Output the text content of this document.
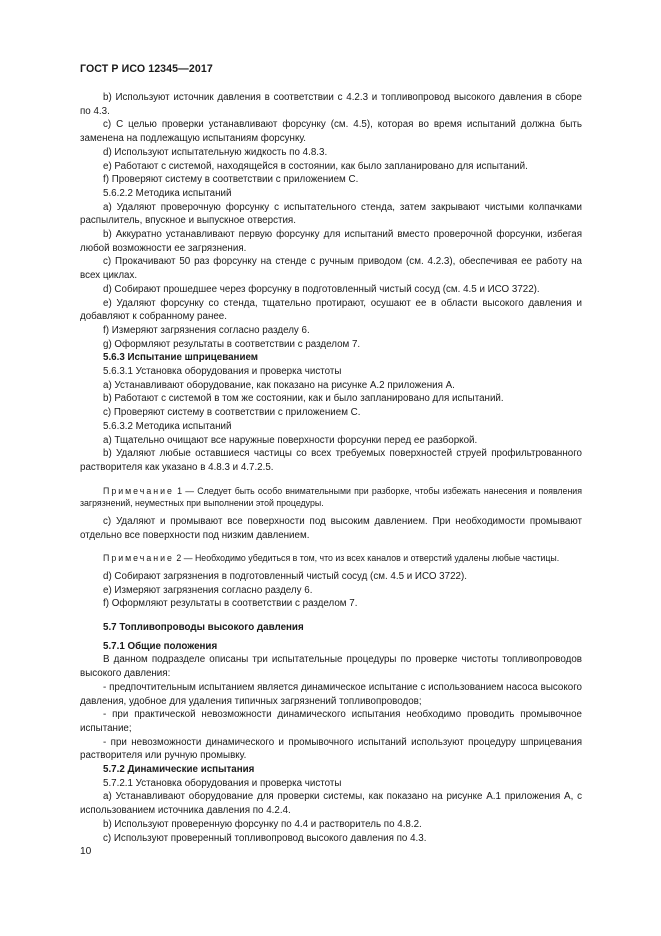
ГОСТ Р ИСО 12345—2017

b) Используют источник давления в соответствии с 4.2.3 и топливопровод высокого давления в сборе по 4.3.

c) С целью проверки устанавливают форсунку (см. 4.5), которая во время испытаний должна быть заменена на подлежащую испытаниям форсунку.

d) Используют испытательную жидкость по 4.8.3.

e) Работают с системой, находящейся в состоянии, как было запланировано для испытаний.

f) Проверяют систему в соответствии с приложением С.

5.6.2.2 Методика испытаний

a) Удаляют проверочную форсунку с испытательного стенда, затем закрывают чистыми колпачками распылитель, впускное и выпускное отверстия.

b) Аккуратно устанавливают первую форсунку для испытаний вместо проверочной форсунки, избегая любой возможности ее загрязнения.

c) Прокачивают 50 раз форсунку на стенде с ручным приводом (см. 4.2.3), обеспечивая ее работу на всех циклах.

d) Собирают прошедшее через форсунку в подготовленный чистый сосуд (см. 4.5 и ИСО 3722).

e) Удаляют форсунку со стенда, тщательно протирают, осушают ее в области высокого давления и добавляют к собранному ранее.

f) Измеряют загрязнения согласно разделу 6.

g) Оформляют результаты в соответствии с разделом 7.

5.6.3 Испытание шприцеванием

5.6.3.1 Установка оборудования и проверка чистоты

a) Устанавливают оборудование, как показано на рисунке А.2 приложения А.

b) Работают с системой в том же состоянии, как и было запланировано для испытаний.

c) Проверяют систему в соответствии с приложением С.

5.6.3.2 Методика испытаний

a) Тщательно очищают все наружные поверхности форсунки перед ее разборкой.

b) Удаляют любые оставшиеся частицы со всех требуемых поверхностей струей профильтрованного растворителя как указано в 4.8.3 и 4.7.2.5.

Примечание 1 — Следует быть особо внимательными при разборке, чтобы избежать нанесения и появления загрязнений, неуместных при выполнении этой процедуры.

c) Удаляют и промывают все поверхности под высоким давлением. При необходимости промывают отдельно все поверхности под низким давлением.

Примечание 2 — Необходимо убедиться в том, что из всех каналов и отверстий удалены любые частицы.

d) Собирают загрязнения в подготовленный чистый сосуд (см. 4.5 и ИСО 3722).

e) Измеряют загрязнения согласно разделу 6.

f) Оформляют результаты в соответствии с разделом 7.

5.7 Топливопроводы высокого давления

5.7.1 Общие положения

В данном подразделе описаны три испытательные процедуры по проверке чистоты топливопроводов высокого давления:

- предпочтительным испытанием является динамическое испытание с использованием насоса высокого давления, удобное для удаления типичных загрязнений топливопроводов;

- при практической невозможности динамического испытания необходимо проводить промывочное испытание;

- при невозможности динамического и промывочного испытаний используют процедуру шприцевания растворителя или ручную промывку.

5.7.2 Динамические испытания

5.7.2.1 Установка оборудования и проверка чистоты

a) Устанавливают оборудование для проверки системы, как показано на рисунке А.1 приложения А, с использованием источника давления по 4.2.4.

b) Используют проверенную форсунку по 4.4 и растворитель по 4.8.2.

c) Используют проверенный топливопровод высокого давления по 4.3.

10
